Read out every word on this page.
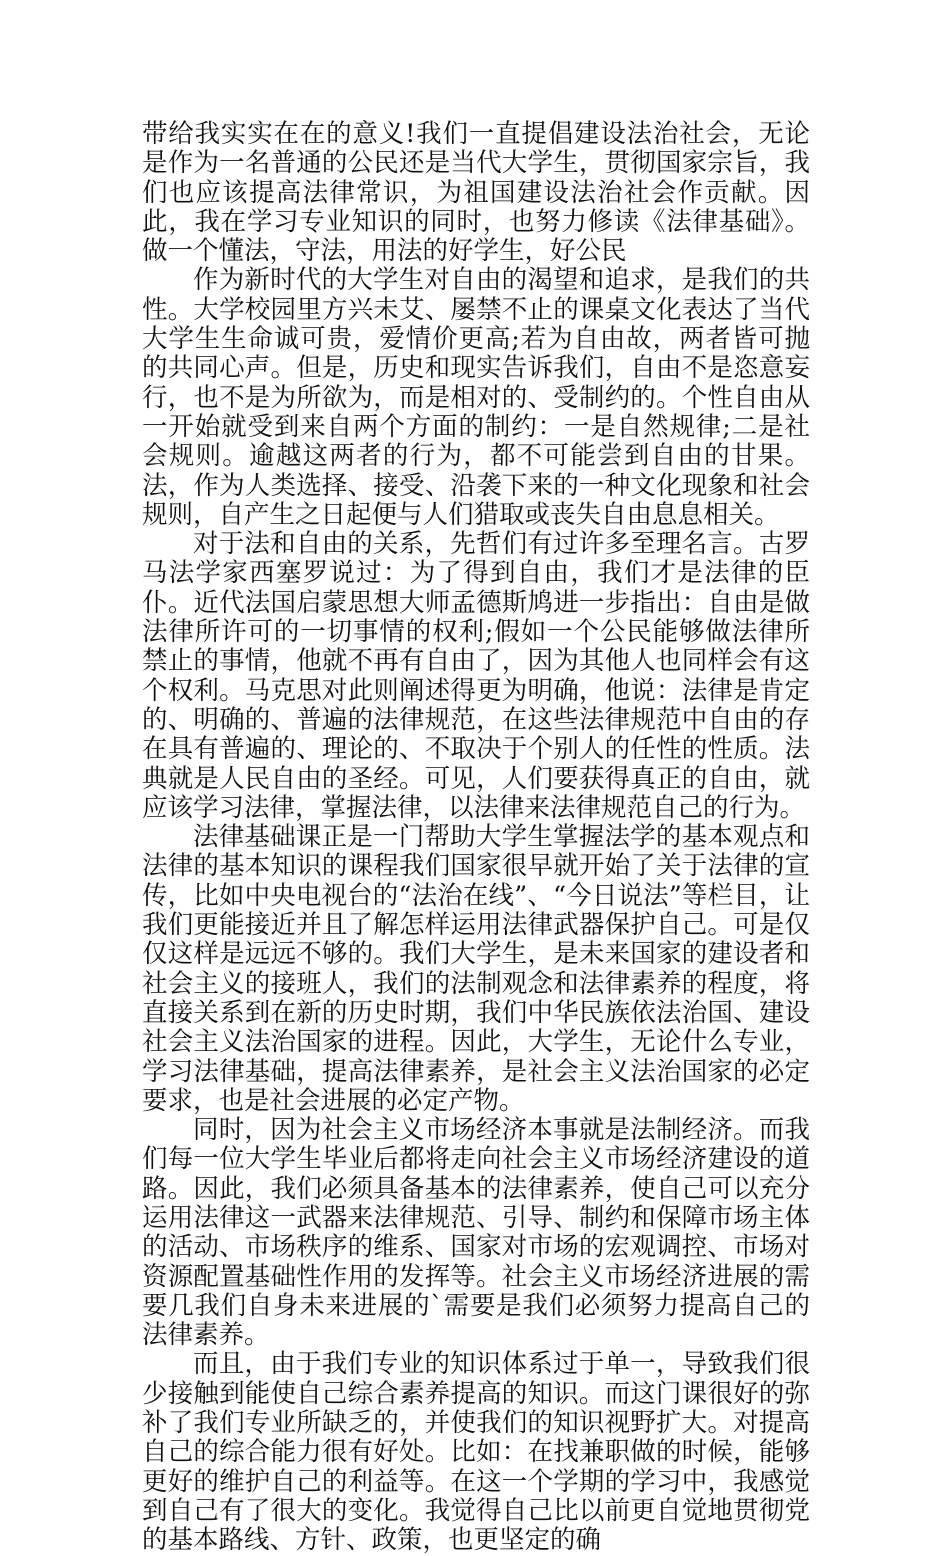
带给我实实在在的意义!我们一直提倡建设法治社会，无论是作为一名普通的公民还是当代大学生，贯彻国家宗旨，我们也应该提高法律常识，为祖国建设法治社会作贡献。因此，我在学习专业知识的同时，也努力修读《法律基础》。做一个懂法，守法，用法的好学生，好公民

作为新时代的大学生对自由的渴望和追求，是我们的共性。大学校园里方兴未艾、屡禁不止的课桌文化表达了当代大学生生命诚可贵，爱情价更高;若为自由故，两者皆可抛的共同心声。但是，历史和现实告诉我们，自由不是恣意妄行，也不是为所欲为，而是相对的、受制约的。个性自由从一开始就受到来自两个方面的制约：一是自然规律;二是社会规则。逾越这两者的行为，都不可能尝到自由的甘果。法，作为人类选择、接受、沿袭下来的一种文化现象和社会规则，自产生之日起便与人们猎取或丧失自由息息相关。

对于法和自由的关系，先哲们有过许多至理名言。古罗马法学家西塞罗说过：为了得到自由，我们才是法律的臣仆。近代法国启蒙思想大师孟德斯鸠进一步指出：自由是做法律所许可的一切事情的权利;假如一个公民能够做法律所禁止的事情，他就不再有自由了，因为其他人也同样会有这个权利。马克思对此则阐述得更为明确，他说：法律是肯定的、明确的、普遍的法律规范，在这些法律规范中自由的存在具有普遍的、理论的、不取决于个别人的任性的性质。法典就是人民自由的圣经。可见，人们要获得真正的自由，就应该学习法律，掌握法律，以法律来法律规范自己的行为。

法律基础课正是一门帮助大学生掌握法学的基本观点和法律的基本知识的课程我们国家很早就开始了关于法律的宣传，比如中央电视台的“法治在线”、“今日说法”等栏目，让我们更能接近并且了解怎样运用法律武器保护自己。可是仅仅这样是远远不够的。我们大学生，是未来国家的建设者和社会主义的接班人，我们的法制观念和法律素养的程度，将直接关系到在新的历史时期，我们中华民族依法治国、建设社会主义法治国家的进程。因此，大学生，无论什么专业，学习法律基础，提高法律素养，是社会主义法治国家的必定要求，也是社会进展的必定产物。

同时，因为社会主义市场经济本事就是法制经济。而我们每一位大学生毕业后都将走向社会主义市场经济建设的道路。因此，我们必须具备基本的法律素养，使自己可以充分运用法律这一武器来法律规范、引导、制约和保障市场主体的活动、市场秩序的维系、国家对市场的宏观调控、市场对资源配置基础性作用的发挥等。社会主义市场经济进展的需要几我们自身未来进展的`需要是我们必须努力提高自己的法律素养。

而且，由于我们专业的知识体系过于单一，导致我们很少接触到能使自己综合素养提高的知识。而这门课很好的弥补了我们专业所缺乏的，并使我们的知识视野扩大。对提高自己的综合能力很有好处。比如：在找兼职做的时候，能够更好的维护自己的利益等。在这一个学期的学习中，我感觉到自己有了很大的变化。我觉得自己比以前更自觉地贯彻党的基本路线、方针、政策，也更坚定的确
